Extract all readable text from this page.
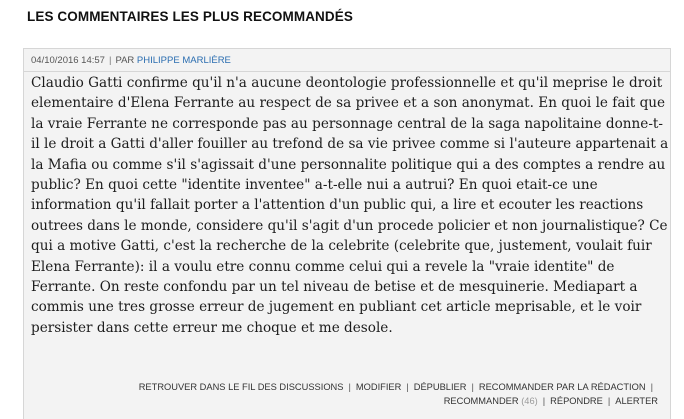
LES COMMENTAIRES LES PLUS RECOMMANDÉS
04/10/2016 14:57 | PAR PHILIPPE MARLIÈRE
Claudio Gatti confirme qu'il n'a aucune deontologie professionnelle et qu'il meprise le droit
elementaire d'Elena Ferrante au respect de sa privee et a son anonymat. En quoi le fait que
la vraie Ferrante ne corresponde pas au personnage central de la saga napolitaine donne-t-
il le droit a Gatti d'aller fouiller au trefond de sa vie privee comme si l'auteure appartenait a
la Mafia ou comme s'il s'agissait d'une personnalite politique qui a des comptes a rendre au
public? En quoi cette "identite inventee" a-t-elle nui a autrui? En quoi etait-ce une
information qu'il fallait porter a l'attention d'un public qui, a lire et ecouter les reactions
outrees dans le monde, considere qu'il s'agit d'un procede policier et non journalistique? Ce
qui a motive Gatti, c'est la recherche de la celebrite (celebrite que, justement, voulait fuir
Elena Ferrante): il a voulu etre connu comme celui qui a revele la "vraie identite" de
Ferrante. On reste confondu par un tel niveau de betise et de mesquinerie. Mediapart a
commis une tres grosse erreur de jugement en publiant cet article meprisable, et le voir
persister dans cette erreur me choque et me desole.
RETROUVER DANS LE FIL DES DISCUSSIONS | MODIFIER | DÉPUBLIER | RECOMMANDER PAR LA RÉDACTION |
RECOMMANDER (46) | RÉPONDRE | ALERTER
